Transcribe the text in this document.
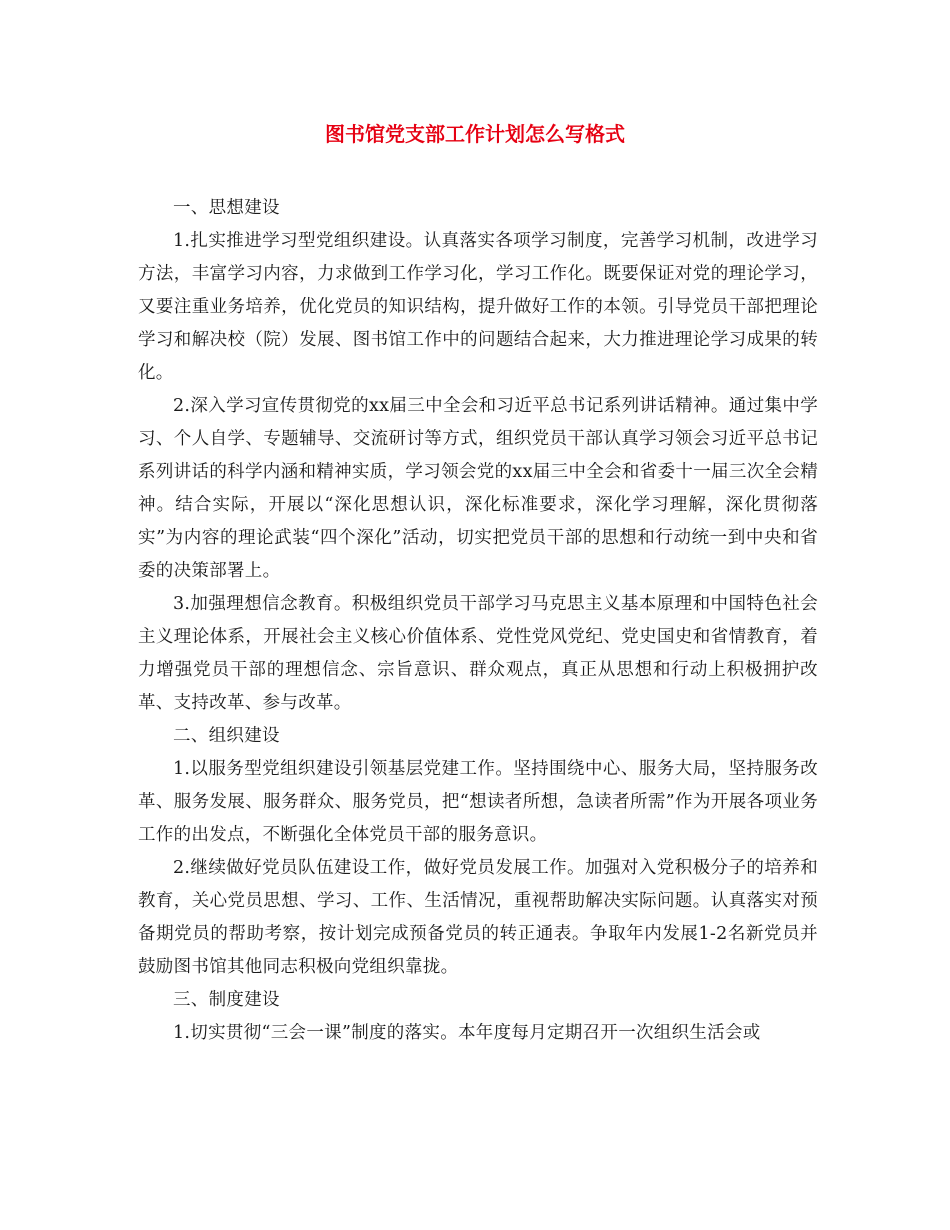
图书馆党支部工作计划怎么写格式

一、思想建设

1.扎实推进学习型党组织建设。认真落实各项学习制度，完善学习机制，改进学习方法，丰富学习内容，力求做到工作学习化，学习工作化。既要保证对党的理论学习，又要注重业务培养，优化党员的知识结构，提升做好工作的本领。引导党员干部把理论学习和解决校（院）发展、图书馆工作中的问题结合起来，大力推进理论学习成果的转化。

2.深入学习宣传贯彻党的xx届三中全会和习近平总书记系列讲话精神。通过集中学习、个人自学、专题辅导、交流研讨等方式，组织党员干部认真学习领会习近平总书记系列讲话的科学内涵和精神实质，学习领会党的xx届三中全会和省委十一届三次全会精神。结合实际，开展以“深化思想认识，深化标准要求，深化学习理解，深化贯彻落实”为内容的理论武装“四个深化”活动，切实把党员干部的思想和行动统一到中央和省委的决策部署上。

3.加强理想信念教育。积极组织党员干部学习马克思主义基本原理和中国特色社会主义理论体系，开展社会主义核心价值体系、党性党风党纪、党史国史和省情教育，着力增强党员干部的理想信念、宗旨意识、群众观点，真正从思想和行动上积极拥护改革、支持改革、参与改革。

二、组织建设

1.以服务型党组织建设引领基层党建工作。坚持围绕中心、服务大局，坚持服务改革、服务发展、服务群众、服务党员，把“想读者所想，急读者所需”作为开展各项业务工作的出发点，不断强化全体党员干部的服务意识。

2.继续做好党员队伍建设工作，做好党员发展工作。加强对入党积极分子的培养和教育，关心党员思想、学习、工作、生活情况，重视帮助解决实际问题。认真落实对预备期党员的帮助考察，按计划完成预备党员的转正通表。争取年内发展1-2名新党员并鼓励图书馆其他同志积极向党组织靠拢。

三、制度建设

1.切实贯彻“三会一课”制度的落实。本年度每月定期召开一次组织生活会或
